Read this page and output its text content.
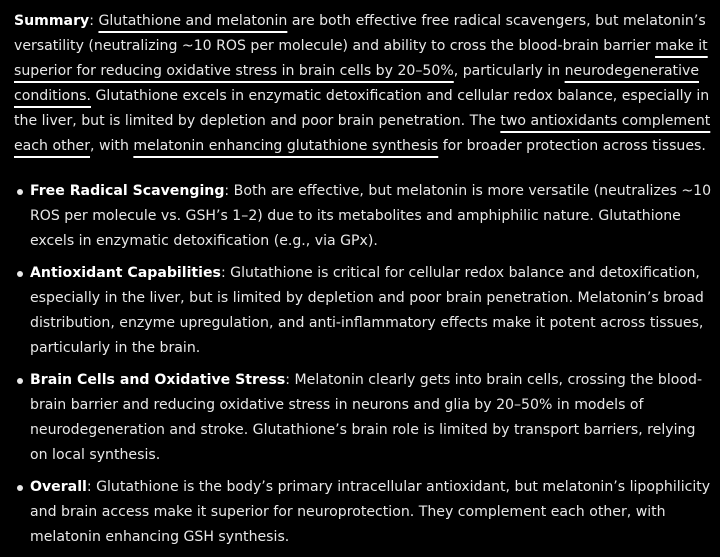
Summary: Glutathione and melatonin are both effective free radical scavengers, but melatonin’s versatility (neutralizing ~10 ROS per molecule) and ability to cross the blood-brain barrier make it superior for reducing oxidative stress in brain cells by 20–50%, particularly in neurodegenerative conditions. Glutathione excels in enzymatic detoxification and cellular redox balance, especially in the liver, but is limited by depletion and poor brain penetration. The two antioxidants complement each other, with melatonin enhancing glutathione synthesis for broader protection across tissues.

Free Radical Scavenging: Both are effective, but melatonin is more versatile (neutralizes ~10 ROS per molecule vs. GSH’s 1–2) due to its metabolites and amphiphilic nature. Glutathione excels in enzymatic detoxification (e.g., via GPx).
Antioxidant Capabilities: Glutathione is critical for cellular redox balance and detoxification, especially in the liver, but is limited by depletion and poor brain penetration. Melatonin’s broad distribution, enzyme upregulation, and anti-inflammatory effects make it potent across tissues, particularly in the brain.
Brain Cells and Oxidative Stress: Melatonin clearly gets into brain cells, crossing the blood-brain barrier and reducing oxidative stress in neurons and glia by 20–50% in models of neurodegeneration and stroke. Glutathione’s brain role is limited by transport barriers, relying on local synthesis.
Overall: Glutathione is the body’s primary intracellular antioxidant, but melatonin’s lipophilicity and brain access make it superior for neuroprotection. They complement each other, with melatonin enhancing GSH synthesis.
